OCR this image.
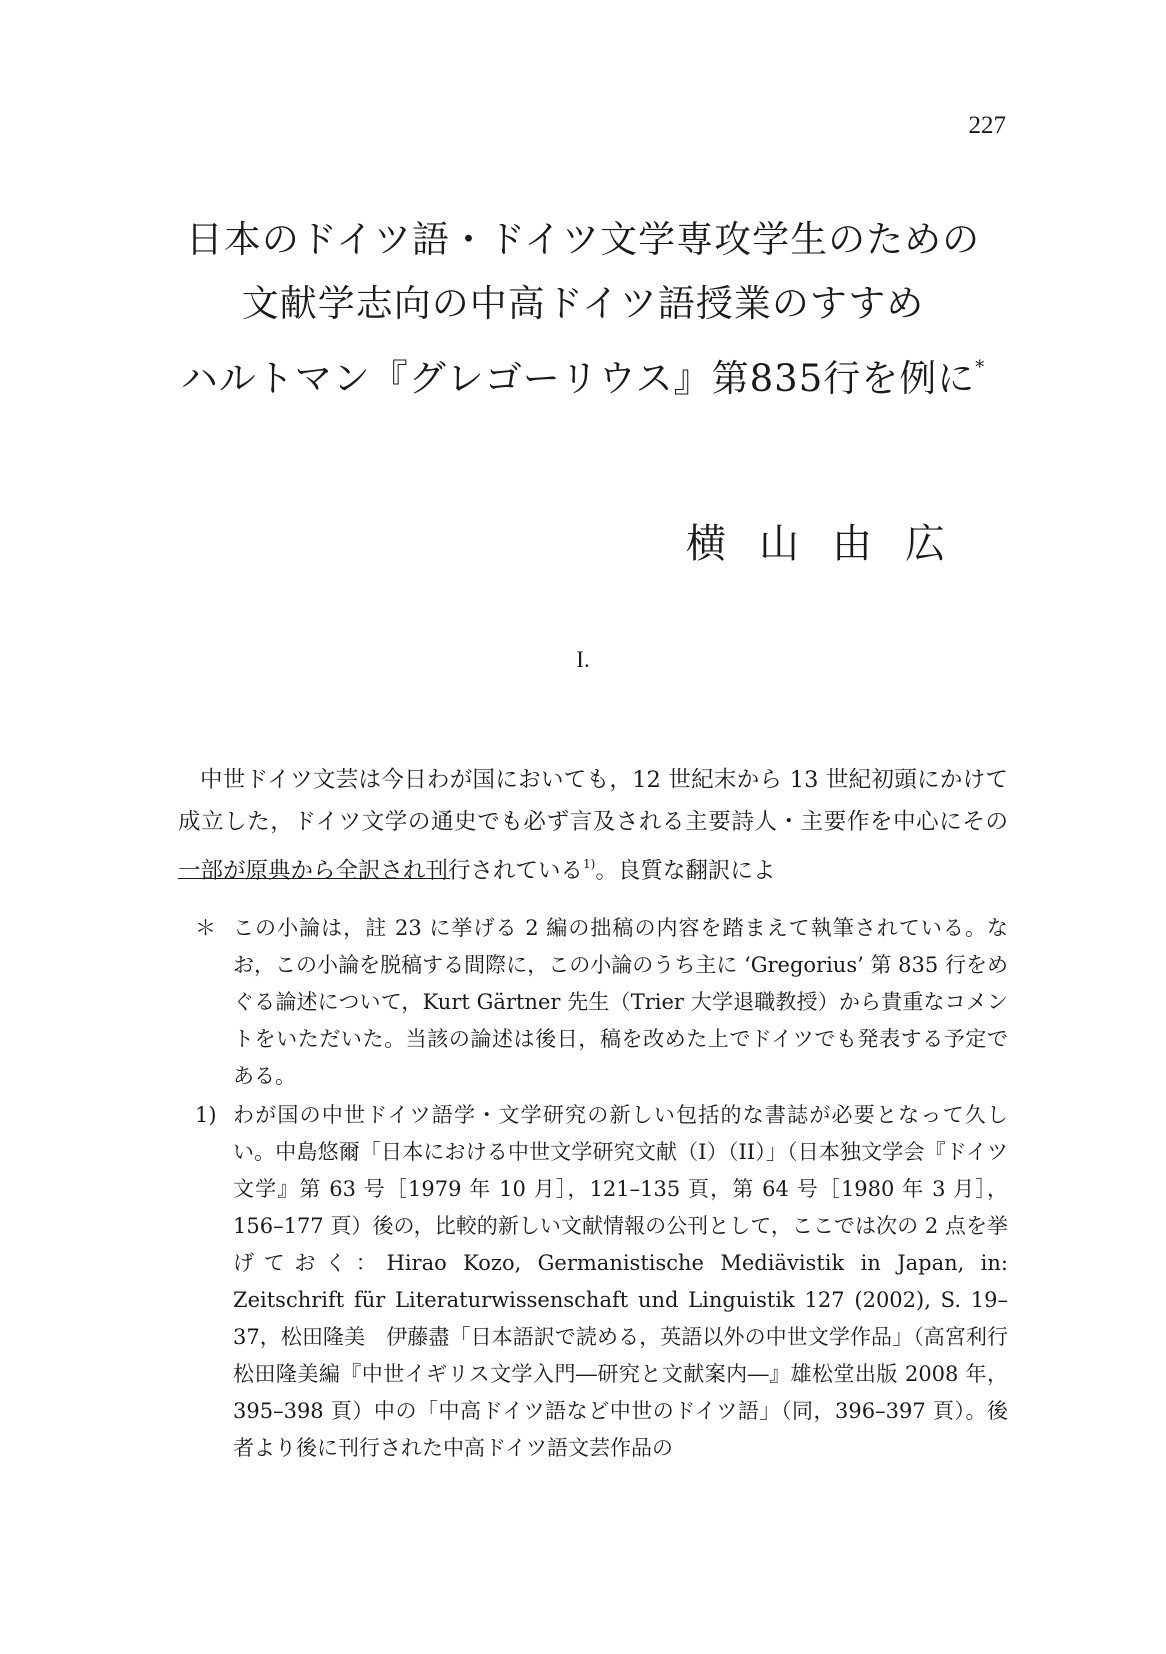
227
日本のドイツ語・ドイツ文学専攻学生のための
文献学志向の中高ドイツ語授業のすすめ
ハルトマン『グレゴーリウス』第835行を例に*
横山由広
I.

中世ドイツ文芸は今日わが国においても，12 世紀末から 13 世紀初頭にかけて成立した，ドイツ文学の通史でも必ず言及される主要詩人・主要作を中心にその一部が原典から全訳され刊行されている$^{1)}$。良質な翻訳によ

＊ この小論は，註 23 に挙げる 2 編の拙稿の内容を踏まえて執筆されている。なお，この小論を脱稿する間際に，この小論のうち主に ‘Gregorius’ 第 835 行をめぐる論述について，Kurt Gärtner 先生（Trier 大学退職教授）から貴重なコメントをいただいた。当該の論述は後日，稿を改めた上でドイツでも発表する予定である。
1) わが国の中世ドイツ語学・文学研究の新しい包括的な書誌が必要となって久しい。中島悠爾「日本における中世文学研究文献（I）（II）」（日本独文学会『ドイツ文学』第 63 号［1979 年 10 月］，121–135 頁，第 64 号［1980 年 3 月］，156–177 頁）後の，比較的新しい文献情報の公刊として，ここでは次の 2 点を挙げておく：Hirao Kozo, Germanistische Mediävistik in Japan, in: Zeitschrift für Literaturwissenschaft und Linguistik 127 (2002), S. 19–37，松田隆美　伊藤盡「日本語訳で読める，英語以外の中世文学作品」（高宮利行　松田隆美編『中世イギリス文学入門―研究と文献案内―』雄松堂出版 2008 年，395–398 頁）中の「中高ドイツ語など中世のドイツ語」（同，396–397 頁）。後者より後に刊行された中高ドイツ語文芸作品の
